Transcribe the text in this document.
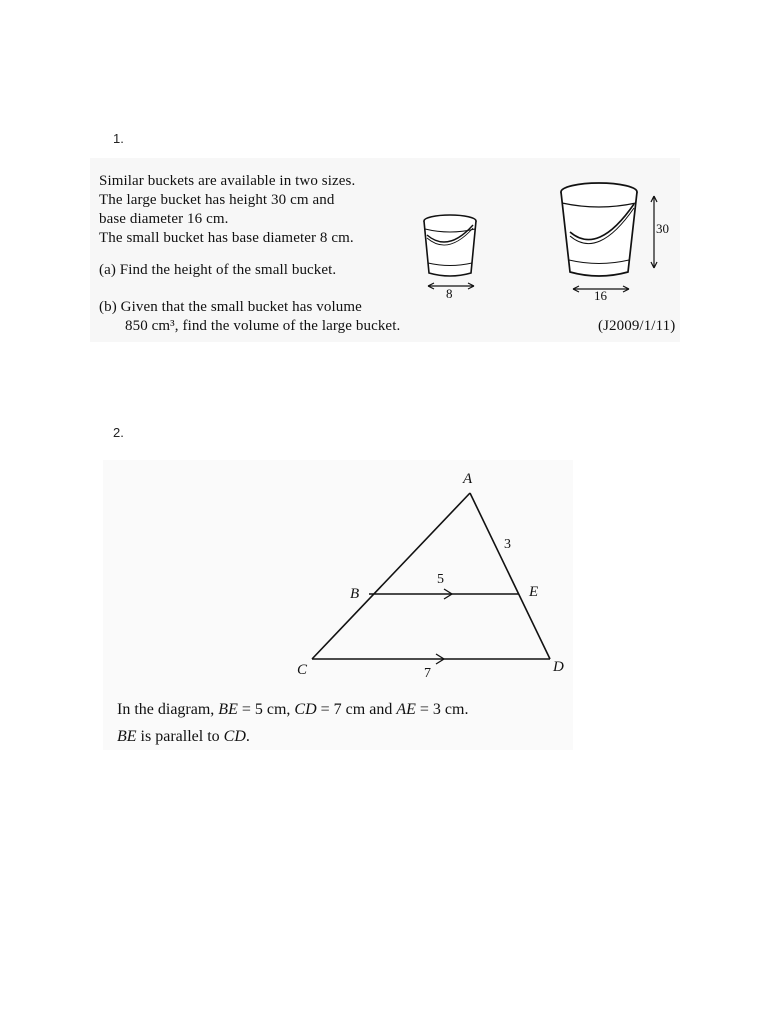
1.
Similar buckets are available in two sizes.
The large bucket has height 30 cm and
base diameter 16 cm.
The small bucket has base diameter 8 cm.
(a) Find the height of the small bucket.
(b) Given that the small bucket has volume
850 cm³, find the volume of the large bucket.	(J2009/1/11)
8
30
16
2.
A
B	E
C	D
3
5
7
In the diagram, BE = 5 cm, CD = 7 cm and AE = 3 cm.
BE is parallel to CD.
